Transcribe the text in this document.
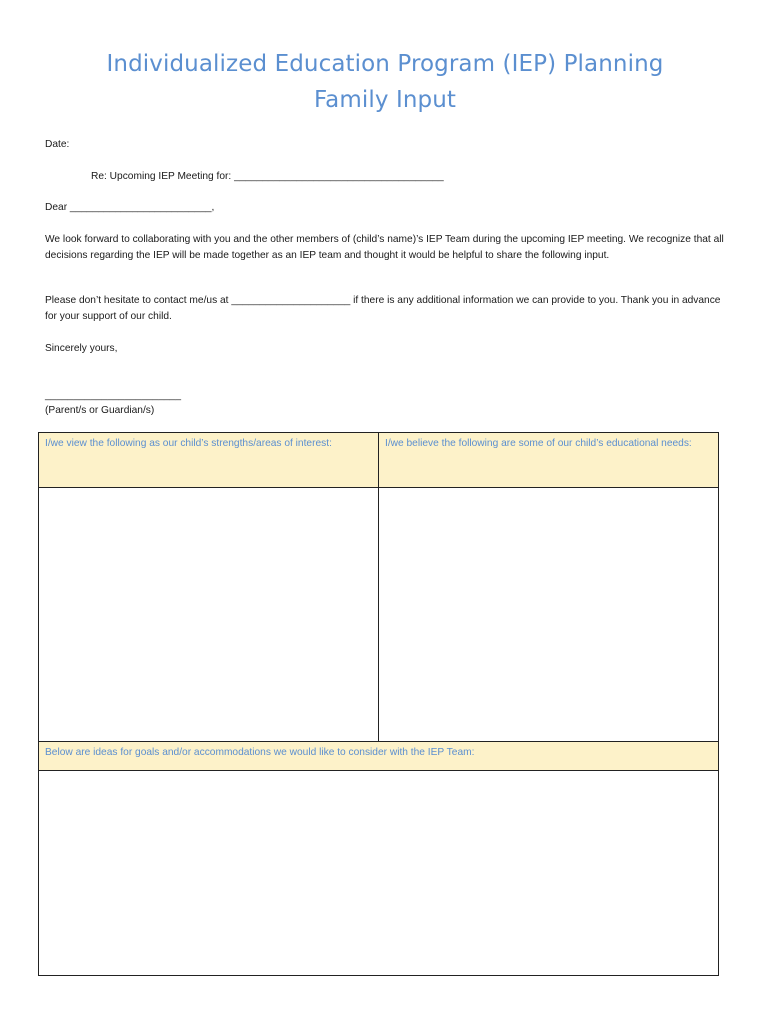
Individualized Education Program (IEP) Planning
Family Input

Date:

Re: Upcoming IEP Meeting for: _____________________________________

Dear _________________________,

We look forward to collaborating with you and the other members of (child’s name)’s IEP Team during the upcoming IEP meeting. We recognize that all decisions regarding the IEP will be made together as an IEP team and thought it would be helpful to share the following input.

Please don’t hesitate to contact me/us at _____________________ if there is any additional information we can provide to you. Thank you in advance for your support of our child.

Sincerely yours,

________________________

(Parent/s or Guardian/s)

I/we view the following as our child’s strengths/areas of interest:	I/we believe the following are some of our child’s educational needs:

Below are ideas for goals and/or accommodations we would like to consider with the IEP Team:	
